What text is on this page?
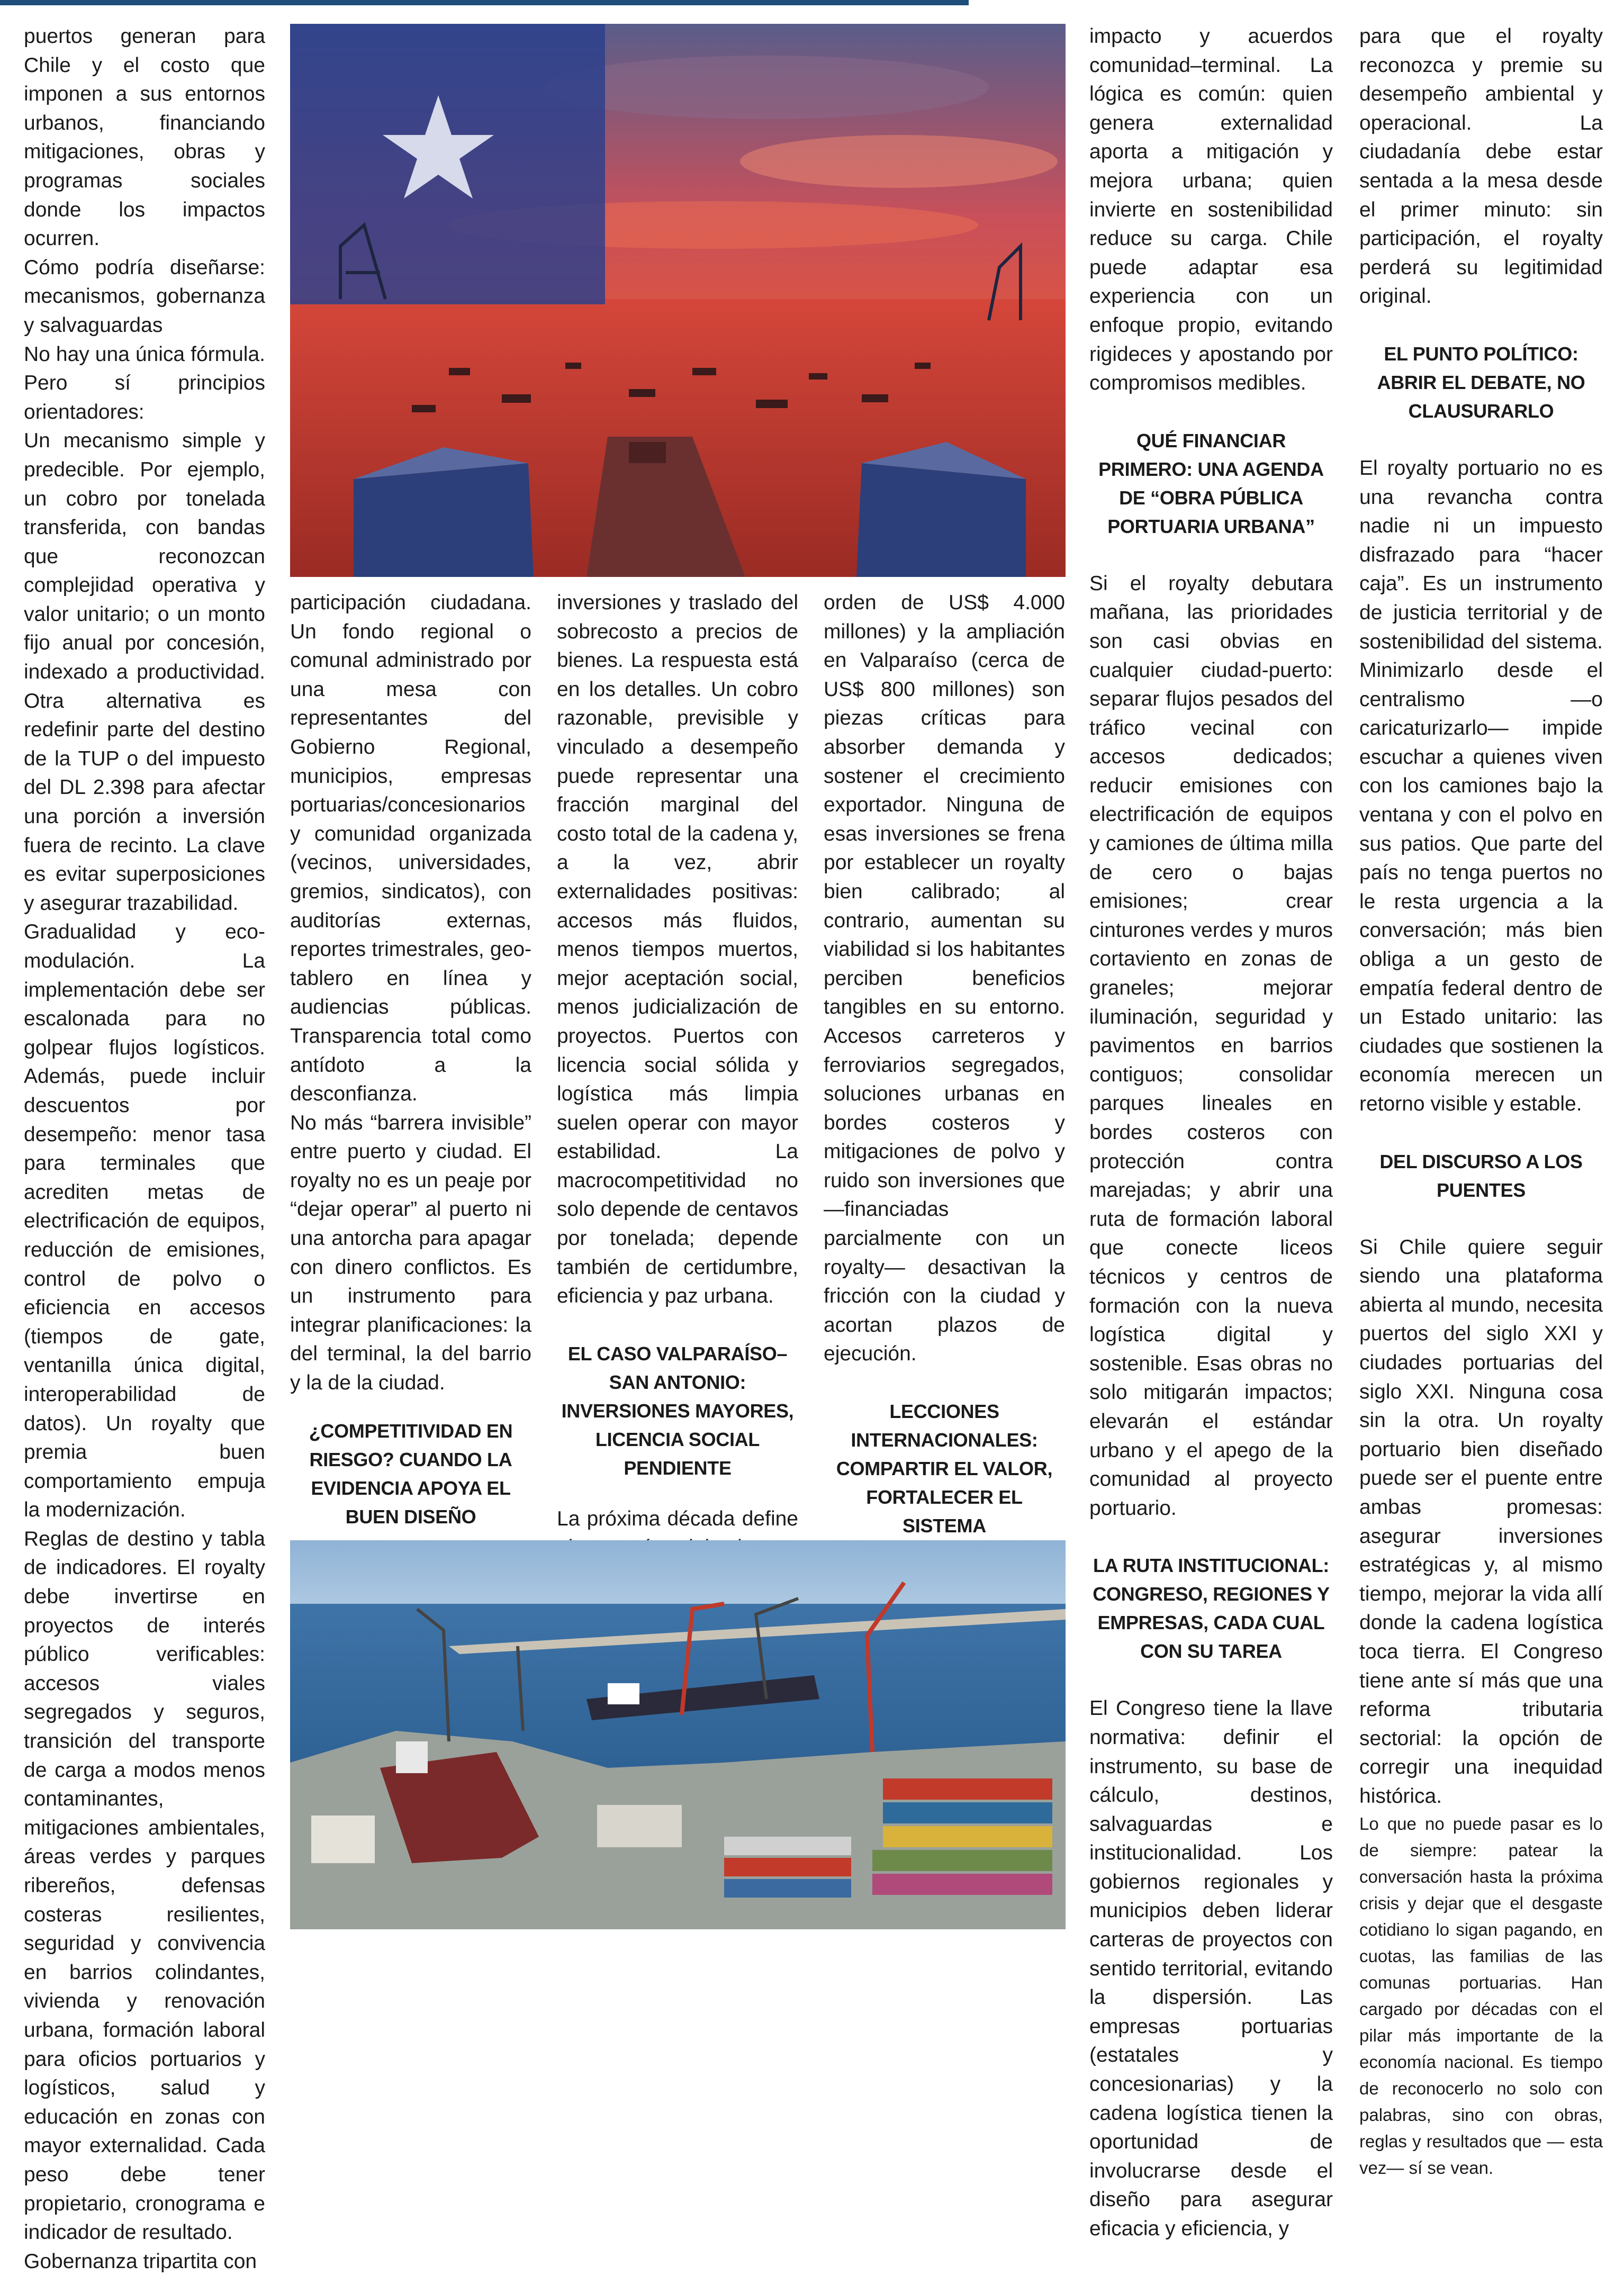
puertos generan para Chile y el costo que imponen a sus entornos urbanos, financiando mitigaciones, obras y programas sociales donde los impactos ocurren.

Cómo podría diseñarse: mecanismos, gobernanza y salvaguardas

No hay una única fórmula. Pero sí principios orientadores:

Un mecanismo simple y predecible. Por ejemplo, un cobro por tonelada transferida, con bandas que reconozcan complejidad operativa y valor unitario; o un monto fijo anual por concesión, indexado a productividad. Otra alternativa es redefinir parte del destino de la TUP o del impuesto del DL 2.398 para afectar una porción a inversión fuera de recinto. La clave es evitar superposiciones y asegurar trazabilidad.

Gradualidad y eco-modulación. La implementación debe ser escalonada para no golpear flujos logísticos. Además, puede incluir descuentos por desempeño: menor tasa para terminales que acrediten metas de electrificación de equipos, reducción de emisiones, control de polvo o eficiencia en accesos (tiempos de gate, ventanilla única digital, interoperabilidad de datos). Un royalty que premia buen comportamiento empuja la modernización.

Reglas de destino y tabla de indicadores. El royalty debe invertirse en proyectos de interés público verificables: accesos viales segregados y seguros, transición del transporte de carga a modos menos contaminantes, mitigaciones ambientales, áreas verdes y parques ribereños, defensas costeras resilientes, seguridad y convivencia en barrios colindantes, vivienda y renovación urbana, formación laboral para oficios portuarios y logísticos, salud y educación en zonas con mayor externalidad. Cada peso debe tener propietario, cronograma e indicador de resultado.

Gobernanza tripartita con

participación ciudadana. Un fondo regional o comunal administrado por una mesa con representantes del Gobierno Regional, municipios, empresas portuarias/concesionarios y comunidad organizada (vecinos, universidades, gremios, sindicatos), con auditorías externas, reportes trimestrales, geo-tablero en línea y audiencias públicas. Transparencia total como antídoto a la desconfianza.

No más “barrera invisible” entre puerto y ciudad. El royalty no es un peaje por “dejar operar” al puerto ni una antorcha para apagar con dinero conflictos. Es un instrumento para integrar planificaciones: la del terminal, la del barrio y la de la ciudad.

¿COMPETITIVIDAD EN RIESGO? CUANDO LA EVIDENCIA APOYA EL BUEN DISEÑO

inversiones y traslado del sobrecosto a precios de bienes. La respuesta está en los detalles. Un cobro razonable, previsible y vinculado a desempeño puede representar una fracción marginal del costo total de la cadena y, a la vez, abrir externalidades positivas: accesos más fluidos, menos tiempos muertos, mejor aceptación social, menos judicialización de proyectos. Puertos con licencia social sólida y logística más limpia suelen operar con mayor estabilidad. La macrocompetitividad no solo depende de centavos por tonelada; depende también de certidumbre, eficiencia y paz urbana.

EL CASO VALPARAÍSO–SAN ANTONIO: INVERSIONES MAYORES, LICENCIA SOCIAL PENDIENTE

La próxima década define

orden de US$ 4.000 millones) y la ampliación en Valparaíso (cerca de US$ 800 millones) son piezas críticas para absorber demanda y sostener el crecimiento exportador. Ninguna de esas inversiones se frena por establecer un royalty bien calibrado; al contrario, aumentan su viabilidad si los habitantes perciben beneficios tangibles en su entorno. Accesos carreteros y ferroviarios segregados, soluciones urbanas en bordes costeros y mitigaciones de polvo y ruido son inversiones que —financiadas parcialmente con un royalty— desactivan la fricción con la ciudad y acortan plazos de ejecución.

LECCIONES INTERNACIONALES: COMPARTIR EL VALOR, FORTALECER EL SISTEMA

impacto y acuerdos comunidad–terminal. La lógica es común: quien genera externalidad aporta a mitigación y mejora urbana; quien invierte en sostenibilidad reduce su carga. Chile puede adaptar esa experiencia con un enfoque propio, evitando rigideces y apostando por compromisos medibles.

QUÉ FINANCIAR PRIMERO: UNA AGENDA DE “OBRA PÚBLICA PORTUARIA URBANA”

Si el royalty debutara mañana, las prioridades son casi obvias en cualquier ciudad-puerto: separar flujos pesados del tráfico vecinal con accesos dedicados; reducir emisiones con electrificación de equipos y camiones de última milla de cero o bajas emisiones; crear cinturones verdes y muros cortaviento en zonas de graneles; mejorar iluminación, seguridad y pavimentos en barrios contiguos; consolidar parques lineales en bordes costeros con protección contra marejadas; y abrir una ruta de formación laboral que conecte liceos técnicos y centros de formación con la nueva logística digital y sostenible. Esas obras no solo mitigarán impactos; elevarán el estándar urbano y el apego de la comunidad al proyecto portuario.

LA RUTA INSTITUCIONAL: CONGRESO, REGIONES Y EMPRESAS, CADA CUAL CON SU TAREA

El Congreso tiene la llave normativa: definir el instrumento, su base de cálculo, destinos, salvaguardas e institucionalidad. Los gobiernos regionales y municipios deben liderar carteras de proyectos con sentido territorial, evitando la dispersión. Las empresas portuarias (estatales y concesionarias) y la cadena logística tienen la oportunidad de involucrarse desde el diseño para asegurar eficacia y eficiencia, y

para que el royalty reconozca y premie su desempeño ambiental y operacional. La ciudadanía debe estar sentada a la mesa desde el primer minuto: sin participación, el royalty perderá su legitimidad original.

EL PUNTO POLÍTICO: ABRIR EL DEBATE, NO CLAUSURARLO

El royalty portuario no es una revancha contra nadie ni un impuesto disfrazado para “hacer caja”. Es un instrumento de justicia territorial y de sostenibilidad del sistema. Minimizarlo desde el centralismo —o caricaturizarlo— impide escuchar a quienes viven con los camiones bajo la ventana y con el polvo en sus patios. Que parte del país no tenga puertos no le resta urgencia a la conversación; más bien obliga a un gesto de empatía federal dentro de un Estado unitario: las ciudades que sostienen la economía merecen un retorno visible y estable.

DEL DISCURSO A LOS PUENTES

Si Chile quiere seguir siendo una plataforma abierta al mundo, necesita puertos del siglo XXI y ciudades portuarias del siglo XXI. Ninguna cosa sin la otra. Un royalty portuario bien diseñado puede ser el puente entre ambas promesas: asegurar inversiones estratégicas y, al mismo tiempo, mejorar la vida allí donde la cadena logística toca tierra. El Congreso tiene ante sí más que una reforma tributaria sectorial: la opción de corregir una inequidad histórica.

Lo que no puede pasar es lo de siempre: patear la conversación hasta la próxima crisis y dejar que el desgaste cotidiano lo sigan pagando, en cuotas, las familias de las comunas portuarias. Han cargado por décadas con el pilar más importante de la economía nacional. Es tiempo de reconocerlo no solo con palabras, sino con obras, reglas y resultados que — esta vez— sí se vean.
